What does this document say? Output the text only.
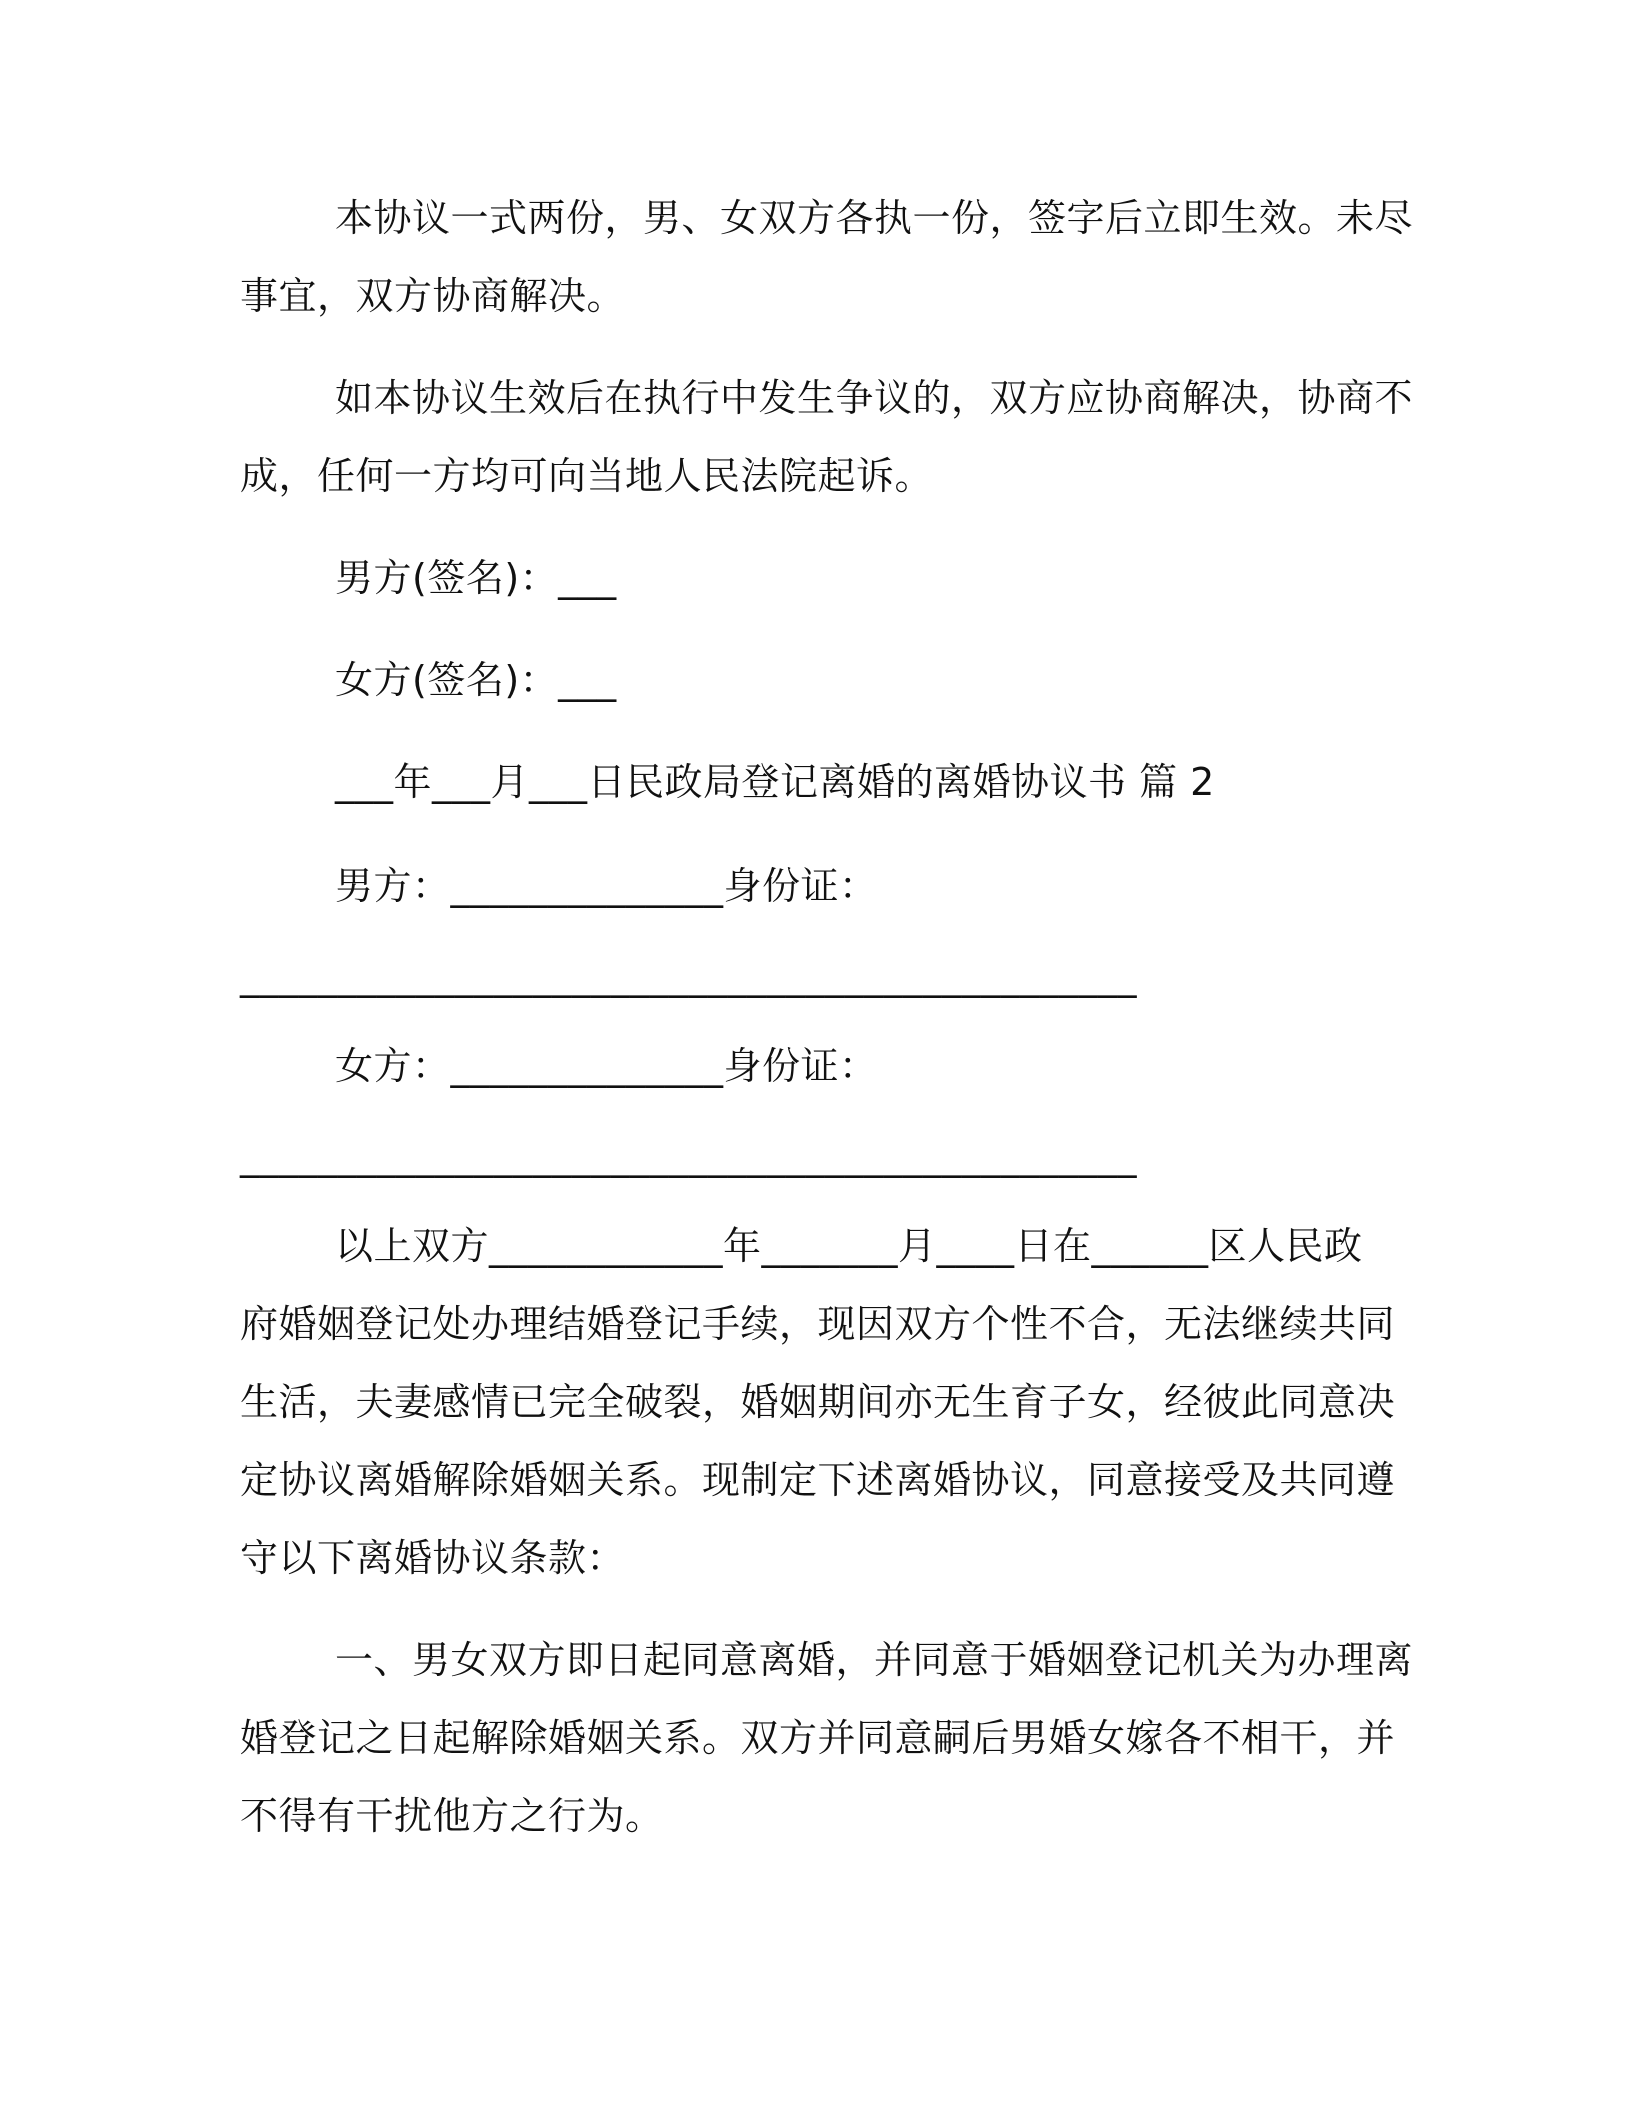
本协议一式两份，男、女双方各执一份，签字后立即生效。未尽
事宜，双方协商解决。
如本协议生效后在执行中发生争议的，双方应协商解决，协商不
成，任何一方均可向当地人民法院起诉。
男方(签名)：___
女方(签名)：___
___年___月___日民政局登记离婚的离婚协议书 篇 2
男方：______________身份证：
______________________________________________
女方：______________身份证：
______________________________________________
以上双方____________年_______月____日在______区人民政
府婚姻登记处办理结婚登记手续，现因双方个性不合，无法继续共同
生活，夫妻感情已完全破裂，婚姻期间亦无生育子女，经彼此同意决
定协议离婚解除婚姻关系。现制定下述离婚协议，同意接受及共同遵
守以下离婚协议条款：
一、男女双方即日起同意离婚，并同意于婚姻登记机关为办理离
婚登记之日起解除婚姻关系。双方并同意嗣后男婚女嫁各不相干，并
不得有干扰他方之行为。
